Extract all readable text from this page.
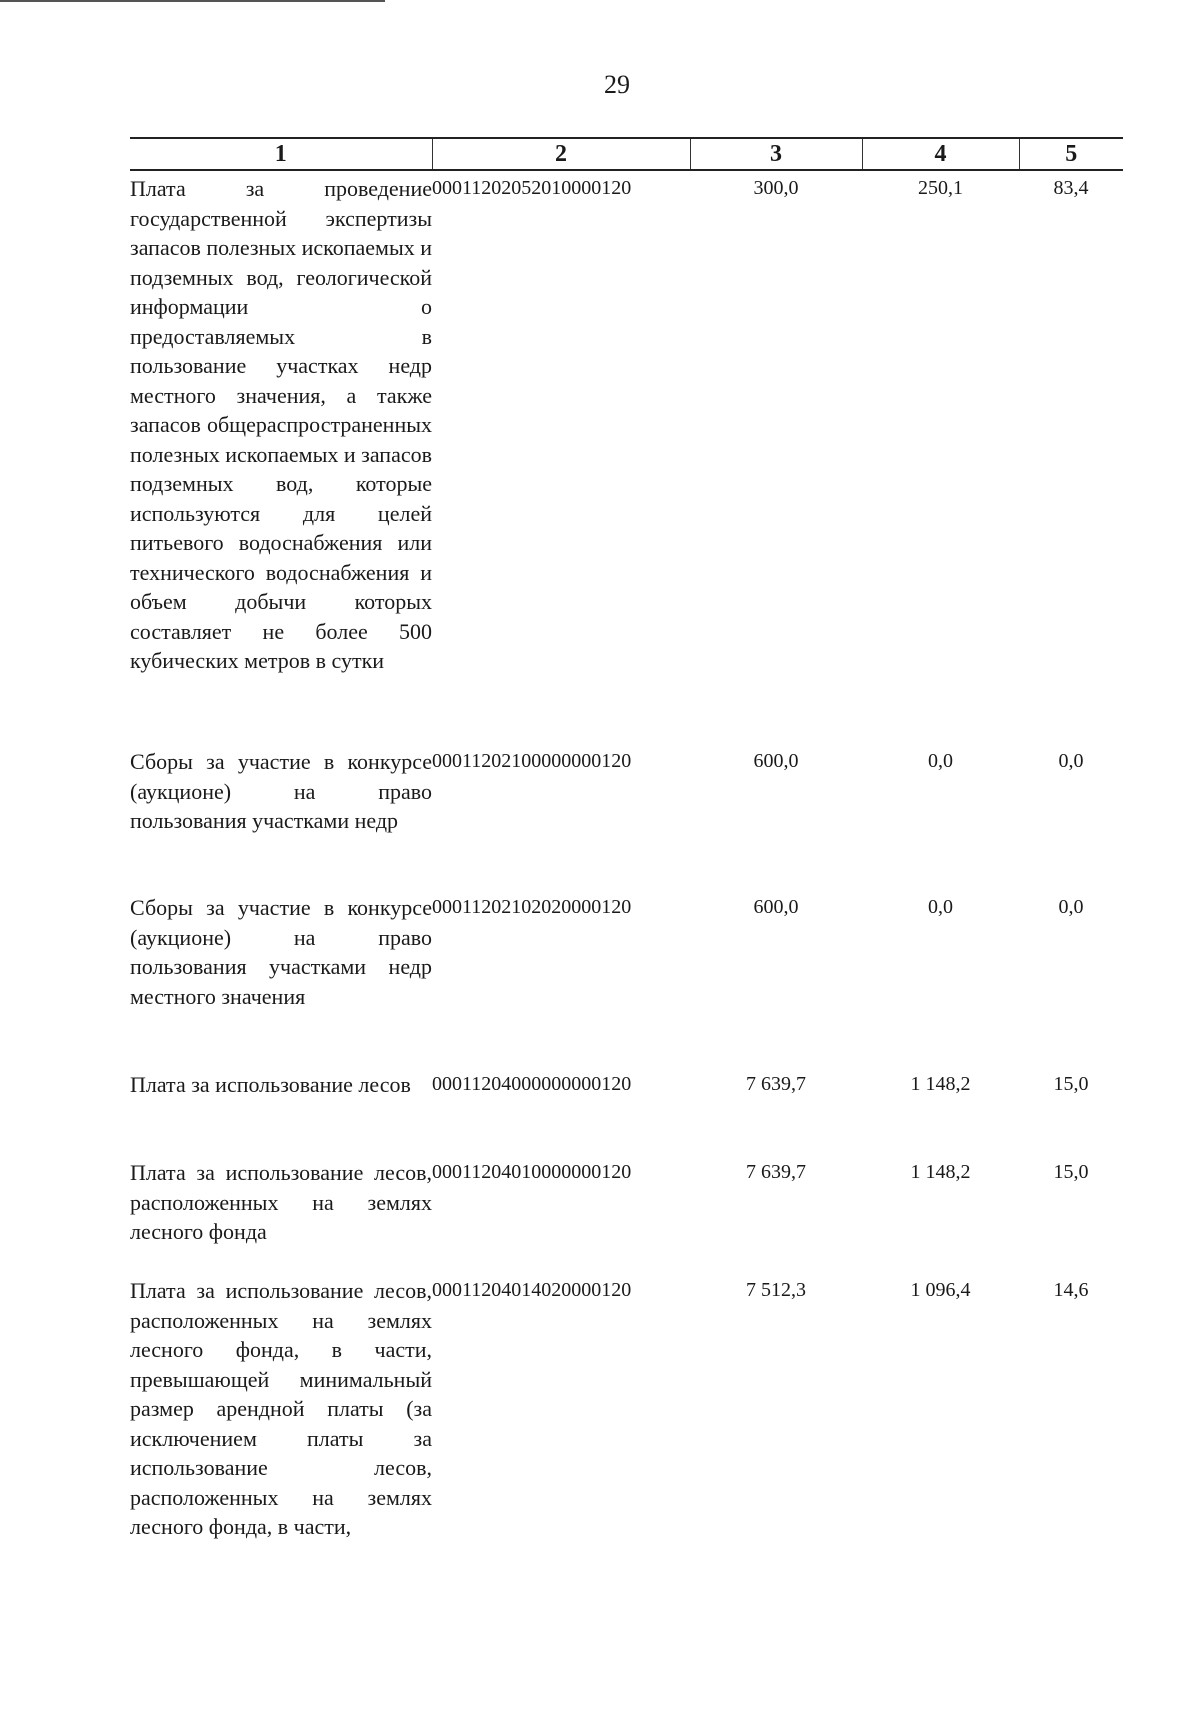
29
1	2	3	4	5
Плата за проведение государственной экспертизы запасов полезных ископаемых и подземных вод, геологической информации о предоставляемых в пользование участках недр местного значения, а также запасов общераспространенных полезных ископаемых и запасов подземных вод, которые используются для целей питьевого водоснабжения или технического водоснабжения и объем добычи которых составляет не более 500 кубических метров в сутки	00011202052010000120	300,0	250,1	83,4
Сборы за участие в конкурсе (аукционе) на право пользования участками недр	00011202100000000120	600,0	0,0	0,0
Сборы за участие в конкурсе (аукционе) на право пользования участками недр местного значения	00011202102020000120	600,0	0,0	0,0
Плата за использование лесов	00011204000000000120	7 639,7	1 148,2	15,0
Плата за использование лесов, расположенных на землях лесного фонда	00011204010000000120	7 639,7	1 148,2	15,0
Плата за использование лесов, расположенных на землях лесного фонда, в части, превышающей минимальный размер арендной платы (за исключением платы за использование лесов, расположенных на землях лесного фонда, в части,	00011204014020000120	7 512,3	1 096,4	14,6
